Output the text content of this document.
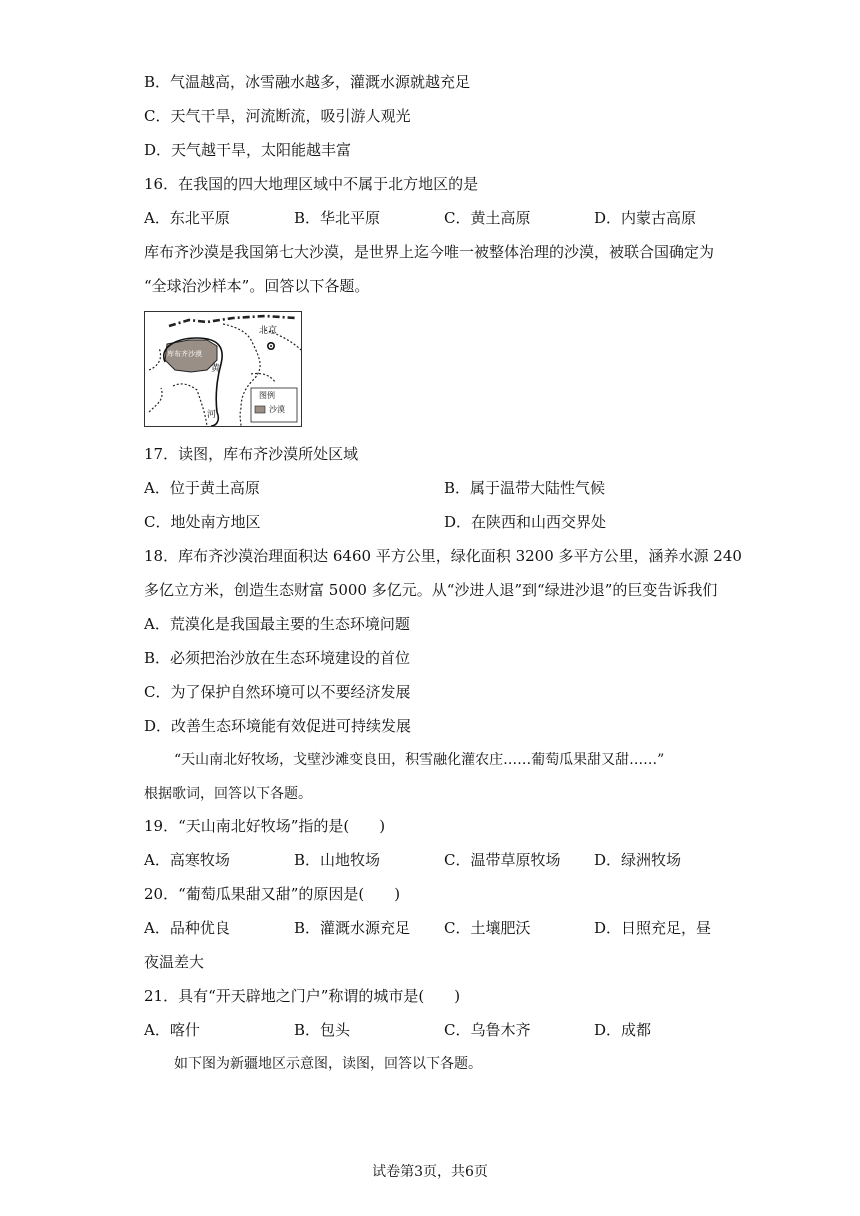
B．气温越高，冰雪融水越多，灌溉水源就越充足
C．天气干旱，河流断流，吸引游人观光
D．天气越干旱，太阳能越丰富
16．在我国的四大地理区域中不属于北方地区的是
A．东北平原	B．华北平原	C．黄土高原	D．内蒙古高原
库布齐沙漠是我国第七大沙漠，是世界上迄今唯一被整体治理的沙漠，被联合国确定为
“全球治沙样本”。回答以下各题。
北京
库布齐沙漠
黄
河
图例
沙漠
17．读图，库布齐沙漠所处区域
A．位于黄土高原	B．属于温带大陆性气候
C．地处南方地区	D．在陕西和山西交界处
18．库布齐沙漠治理面积达 6460 平方公里，绿化面积 3200 多平方公里，涵养水源 240
多亿立方米，创造生态财富 5000 多亿元。从“沙进人退”到“绿进沙退”的巨变告诉我们
A．荒漠化是我国最主要的生态环境问题
B．必须把治沙放在生态环境建设的首位
C．为了保护自然环境可以不要经济发展
D．改善生态环境能有效促进可持续发展
“天山南北好牧场，戈壁沙滩变良田，积雪融化灌农庄……葡萄瓜果甜又甜……”
根据歌词，回答以下各题。
19．“天山南北好牧场”指的是(　　)
A．高寒牧场	B．山地牧场	C．温带草原牧场 D．绿洲牧场
20．“葡萄瓜果甜又甜”的原因是(　　)
A．品种优良	B．灌溉水源充足 C．土壤肥沃	D．日照充足，昼
夜温差大
21．具有“开天辟地之门户”称谓的城市是(　　)
A．喀什	B．包头	C．乌鲁木齐	D．成都
如下图为新疆地区示意图，读图，回答以下各题。
试卷第3页，共6页
